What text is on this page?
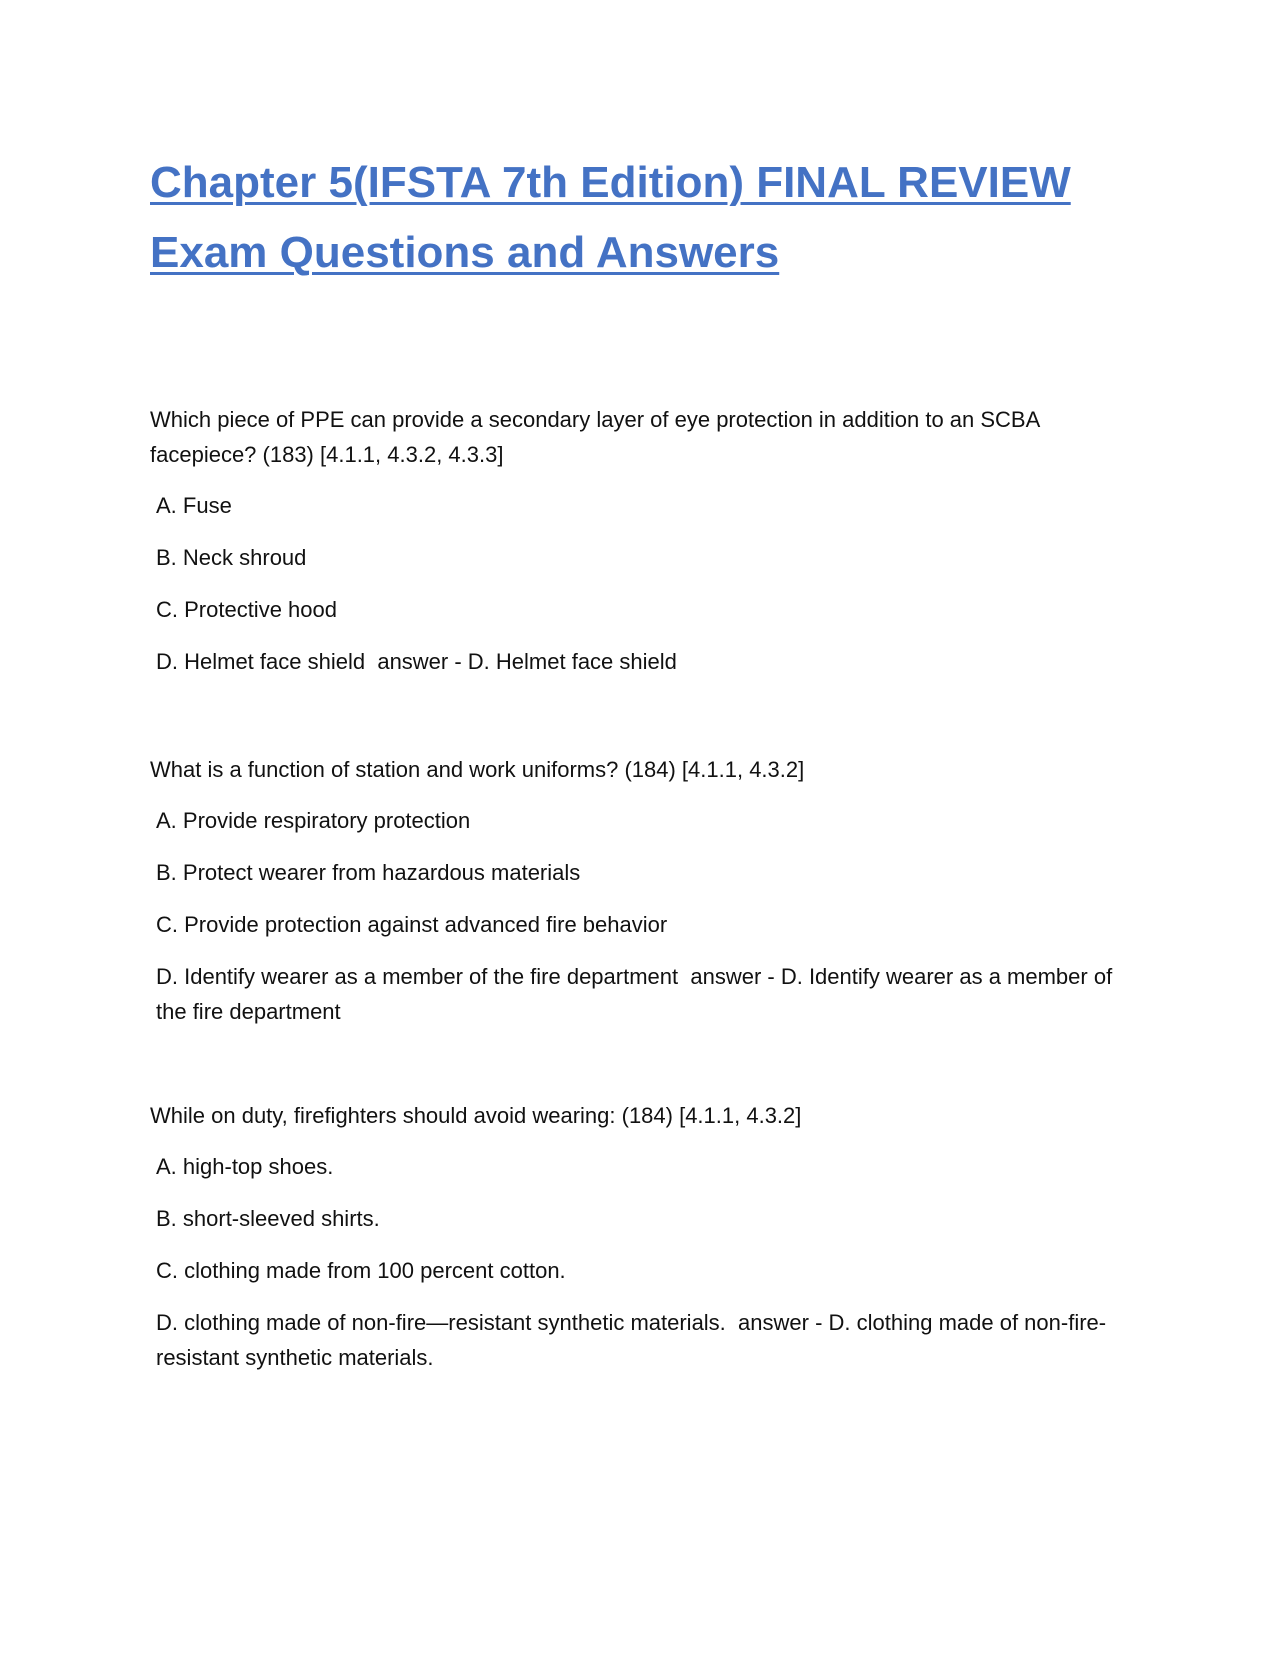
Chapter 5(IFSTA 7th Edition) FINAL REVIEW Exam Questions and Answers

Which piece of PPE can provide a secondary layer of eye protection in addition to an SCBA facepiece? (183) [4.1.1, 4.3.2, 4.3.3]

A. Fuse

B. Neck shroud

C. Protective hood

D. Helmet face shield answer - D. Helmet face shield

What is a function of station and work uniforms? (184) [4.1.1, 4.3.2]

A. Provide respiratory protection

B. Protect wearer from hazardous materials

C. Provide protection against advanced fire behavior

D. Identify wearer as a member of the fire department answer - D. Identify wearer as a member of the fire department

While on duty, firefighters should avoid wearing: (184) [4.1.1, 4.3.2]

A. high-top shoes.

B. short-sleeved shirts.

C. clothing made from 100 percent cotton.

D. clothing made of non-fire—resistant synthetic materials. answer - D. clothing made of non-fire-resistant synthetic materials.
